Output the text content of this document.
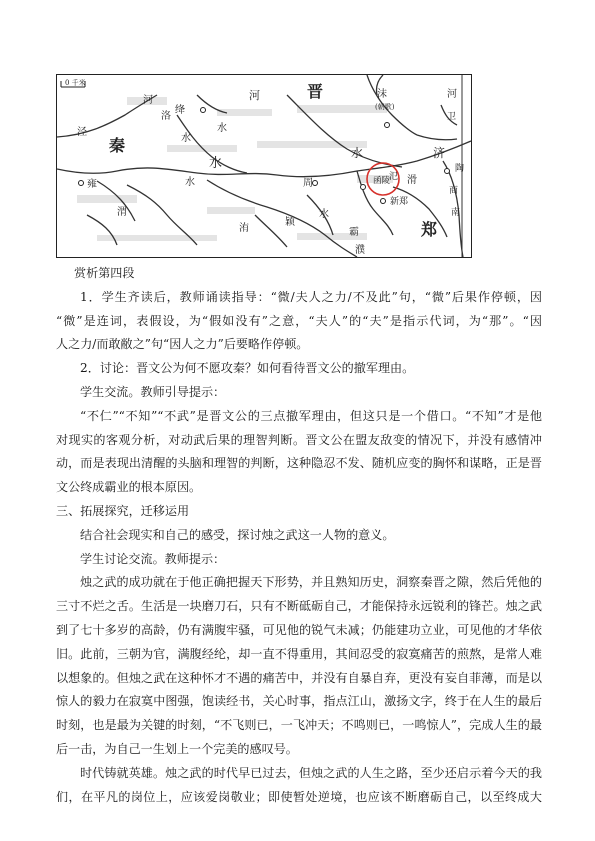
0 千米
绛
河
水
河	晋
秦	水
水
泾
洛
雍
渭
水	周
水
函陵
氾
新郑
滑
郑
济
沫
(朝歌)
河
卫
陶
商
洧
颖
水
霸
濮
南
赏析第四段
1．学生齐读后，教师诵读指导：“微/夫人之力/不及此”句，“微”后果作停顿，因
“微”是连词，表假设，为“假如没有”之意，“夫人”的“夫”是指示代词，为“那”。“因
人之力/而敢敝之”句“因人之力”后要略作停顿。
2．讨论：晋文公为何不愿攻秦？如何看待晋文公的撤军理由。
学生交流。教师引导提示：
“不仁”“不知”“不武”是晋文公的三点撤军理由，但这只是一个借口。“不知”才是他
对现实的客观分析，对动武后果的理智判断。晋文公在盟友敌变的情况下，并没有感情冲
动，而是表现出清醒的头脑和理智的判断，这种隐忍不发、随机应变的胸怀和谋略，正是晋
文公终成霸业的根本原因。
三、拓展探究，迁移运用
结合社会现实和自己的感受，探讨烛之武这一人物的意义。
学生讨论交流。教师提示：
烛之武的成功就在于他正确把握天下形势，并且熟知历史，洞察秦晋之隙，然后凭他的
三寸不烂之舌。生活是一块磨刀石，只有不断砥砺自己，才能保持永远锐利的锋芒。烛之武
到了七十多岁的高龄，仍有满腹牢骚，可见他的锐气未减；仍能建功立业，可见他的才华依
旧。此前，三朝为官，满腹经纶，却一直不得重用，其间忍受的寂寞痛苦的煎熬，是常人难
以想象的。但烛之武在这种怀才不遇的痛苦中，并没有自暴自弃，更没有妄自菲薄，而是以
惊人的毅力在寂寞中图强，饱读经书，关心时事，指点江山，激扬文字，终于在人生的最后
时刻，也是最为关键的时刻，“不飞则已，一飞冲天；不鸣则已，一鸣惊人”，完成人生的最
后一击，为自己一生划上一个完美的感叹号。
时代铸就英雄。烛之武的时代早已过去，但烛之武的人生之路，至少还启示着今天的我
们，在平凡的岗位上，应该爱岗敬业；即使暂处逆境，也应该不断磨砺自己，以至终成大
